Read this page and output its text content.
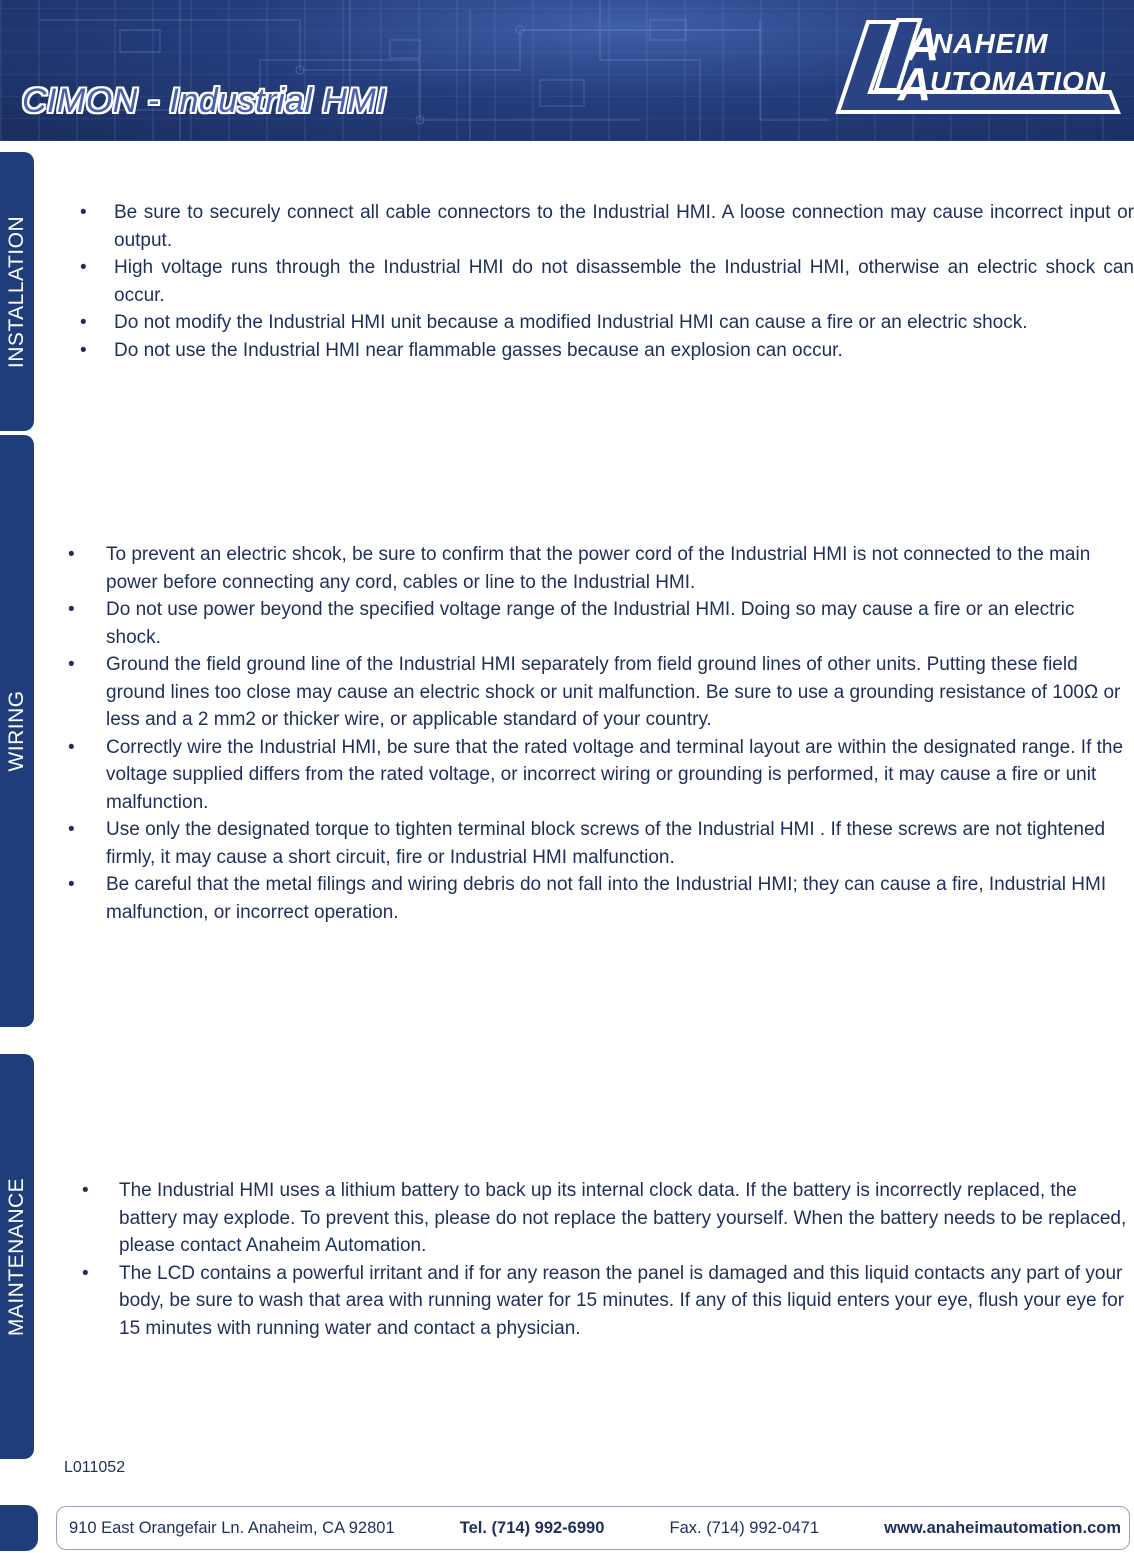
CIMON - Industrial HMI
A
A
NAHEIM
UTOMATION
INSTALLATION
WIRING
MAINTENANCE
• Be sure to securely connect all cable connectors to the Industrial HMI. A loose connection may cause incorrect input or output.
• High voltage runs through the Industrial HMI do not disassemble the Industrial HMI, otherwise an electric shock can occur.
• Do not modify the Industrial HMI unit because a modified Industrial HMI can cause a fire or an electric shock.
• Do not use the Industrial HMI near flammable gasses because an explosion can occur.
• To prevent an electric shcok, be sure to confirm that the power cord of the Industrial HMI is not connected to the main power before connecting any cord, cables or line to the Industrial HMI.
• Do not use power beyond the specified voltage range of the Industrial HMI. Doing so may cause a fire or an electric shock.
• Ground the field ground line of the Industrial HMI separately from field ground lines of other units. Putting these field ground lines too close may cause an electric shock or unit malfunction. Be sure to use a grounding resistance of 100Ω or less and a 2 mm2 or thicker wire, or applicable standard of your country.
• Correctly wire the Industrial HMI, be sure that the rated voltage and terminal layout are within the designated range. If the voltage supplied differs from the rated voltage, or incorrect wiring or grounding is performed, it may cause a fire or unit malfunction.
• Use only the designated torque to tighten terminal block screws of the Industrial HMI . If these screws are not tightened firmly, it may cause a short circuit, fire or Industrial HMI malfunction.
• Be careful that the metal filings and wiring debris do not fall into the Industrial HMI; they can cause a fire, Industrial HMI malfunction, or incorrect operation.
• The Industrial HMI uses a lithium battery to back up its internal clock data. If the battery is incorrectly replaced, the battery may explode. To prevent this, please do not replace the battery yourself. When the battery needs to be replaced, please contact Anaheim Automation.
• The LCD contains a powerful irritant and if for any reason the panel is damaged and this liquid contacts any part of your body, be sure to wash that area with running water for 15 minutes. If any of this liquid enters your eye, flush your eye for 15 minutes with running water and contact a physician.
L011052
910 East Orangefair Ln. Anaheim, CA 92801	Tel. (714) 992-6990	Fax. (714) 992-0471	www.anaheimautomation.com
